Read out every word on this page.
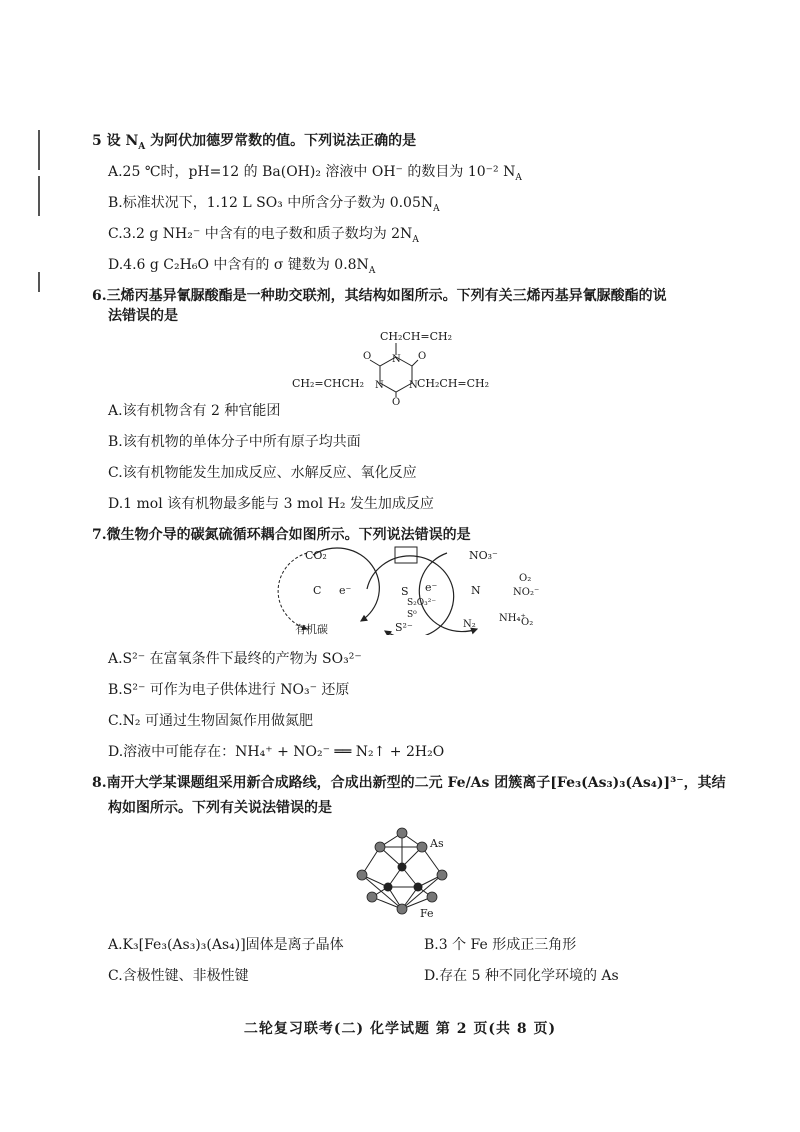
5 设 $N_A$ 为阿伏加德罗常数的值。下列说法正确的是
A.25 ℃时，pH=12 的 Ba(OH)₂ 溶液中 OH⁻ 的数目为 10⁻² $N_A$
B.标准状况下，1.12 L SO₃ 中所含分子数为 $0.05N_A$
C.3.2 g NH₂⁻ 中含有的电子数和质子数均为 $2N_A$
D.4.6 g C₂H₆O 中含有的 σ 键数为 $0.8N_A$
6.三烯丙基异氰脲酸酯是一种助交联剂，其结构如图所示。下列有关三烯丙基异氰脲酸酯的说
法错误的是
CH₂CH=CH₂
N
N	N
O	O
O
CH₂=CHCH₂	CH₂CH=CH₂
A.该有机物含有 2 种官能团
B.该有机物的单体分子中所有原子均共面
C.该有机物能发生加成反应、水解反应、氧化反应
D.1 mol 该有机物最多能与 3 mol H₂ 发生加成反应
7.微生物介导的碳氮硫循环耦合如图所示。下列说法错误的是
CO₂
C e⁻
有机碳
S e⁻
S₂O₃²⁻
S⁰
S²⁻
N
NO₃⁻
O₂
NO₂⁻
NH₄⁺
O₂
N₂
A.S²⁻ 在富氧条件下最终的产物为 SO₃²⁻
B.S²⁻ 可作为电子供体进行 NO₃⁻ 还原
C.N₂ 可通过生物固氮作用做氮肥
D.溶液中可能存在：NH₄⁺ + NO₂⁻ ══ N₂↑ + 2H₂O
8.南开大学某课题组采用新合成路线，合成出新型的二元 Fe/As 团簇离子[Fe₃(As₃)₃(As₄)]³⁻，其结
构如图所示。下列有关说法错误的是
As
Fe
A.K₃[Fe₃(As₃)₃(As₄)]固体是离子晶体	B.3 个 Fe 形成正三角形
C.含极性键、非极性键	D.存在 5 种不同化学环境的 As
二轮复习联考(二) 化学试题 第 2 页(共 8 页)
